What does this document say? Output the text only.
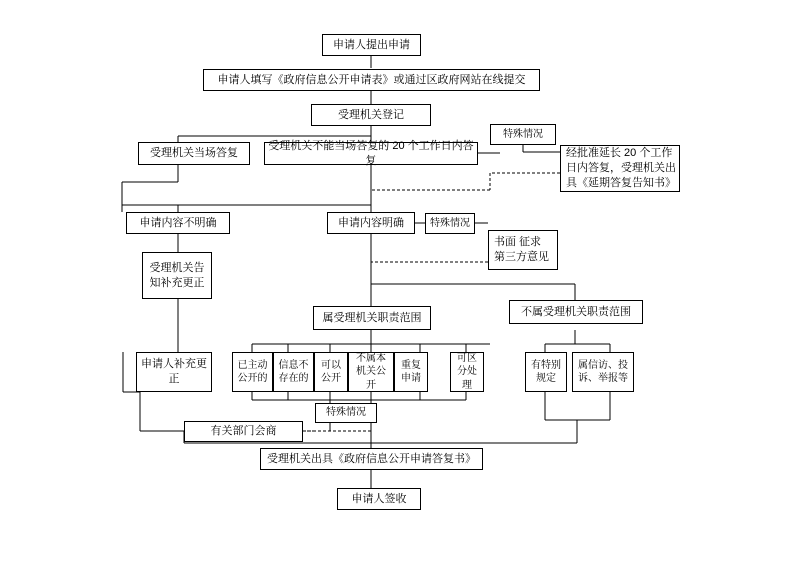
申请人提出申请
申请人填写《政府信息公开申请表》或通过区政府网站在线提交
受理机关登记
受理机关当场答复
受理机关不能当场答复的 20 个工作日内答复
特殊情况
经批准延长 20 个工作日内答复，受理机关出具《延期答复告知书》
申请内容不明确	申请内容明确	特殊情况
书面 征求 第三方意见
受理机关告知补充更正
属受理机关职责范围	不属受理机关职责范围
申请人补充更正
已主动公开的
信息不存在的
可以公开
不属本机关公开
重复申请
可区分处理
有特别规定
属信访、投诉、举报等
特殊情况
有关部门会商
受理机关出具《政府信息公开申请答复书》
申请人签收
